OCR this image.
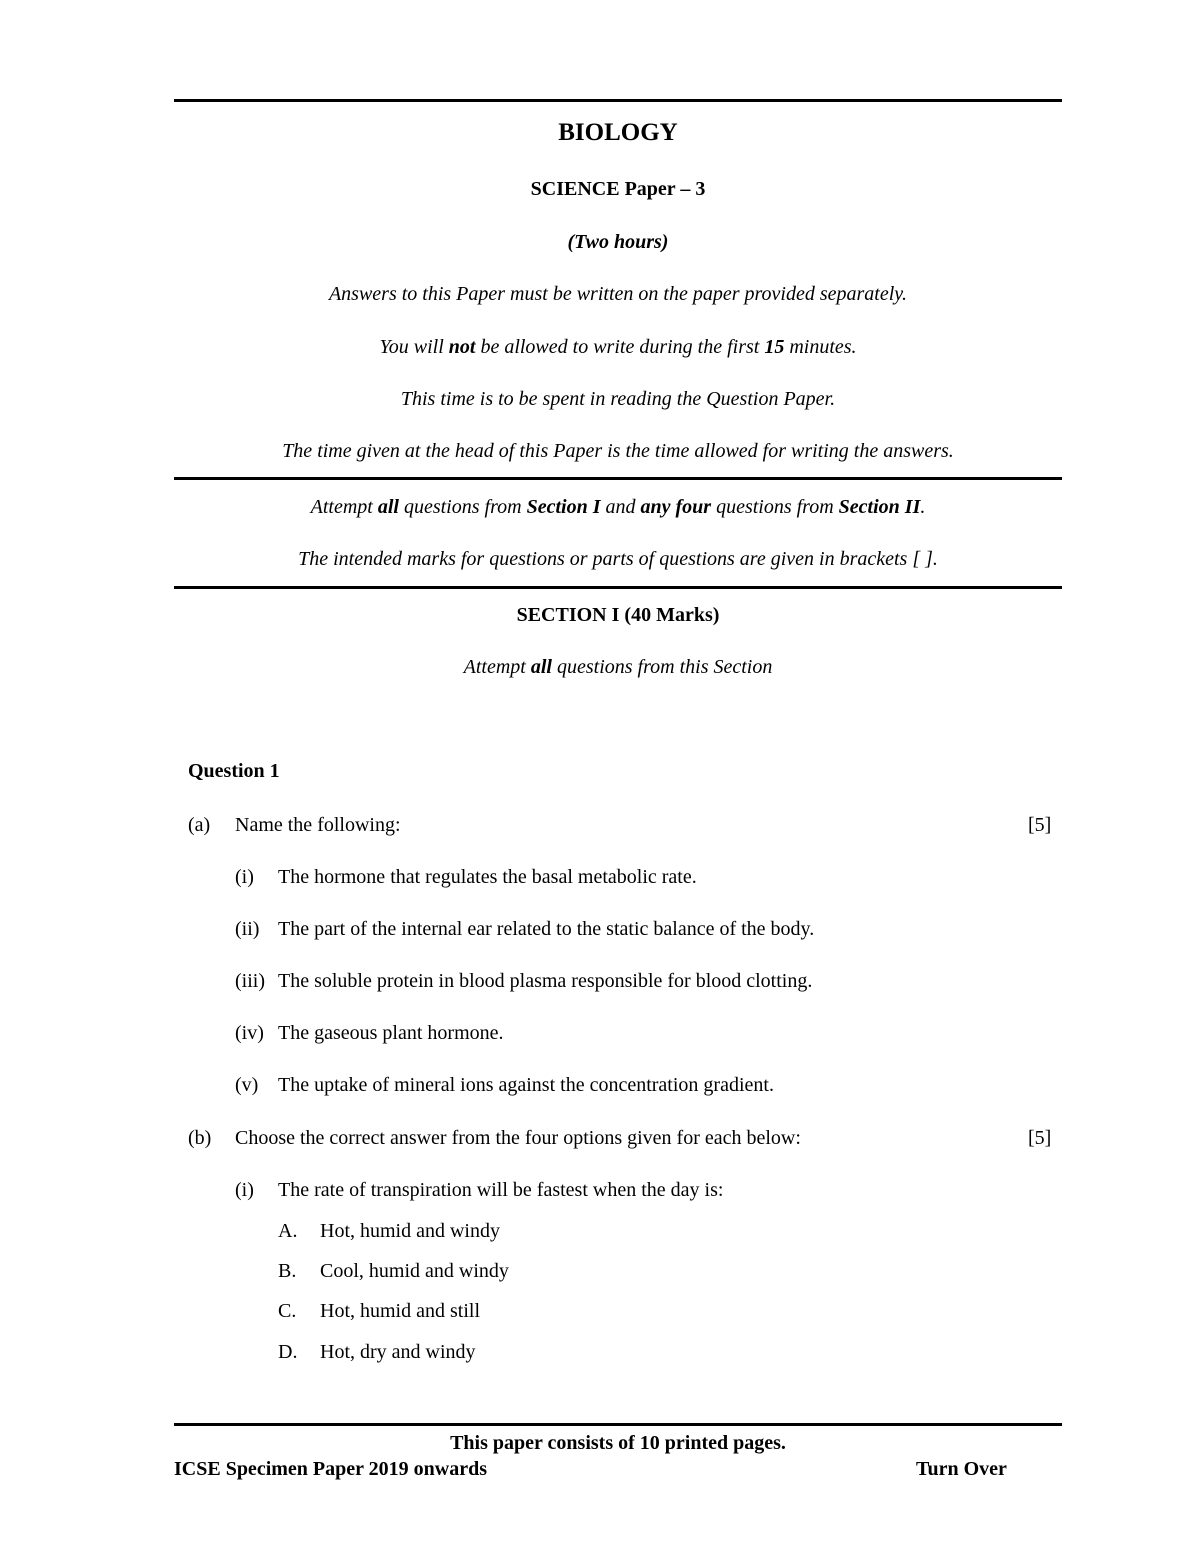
BIOLOGY
SCIENCE Paper – 3
(Two hours)
Answers to this Paper must be written on the paper provided separately.
You will not be allowed to write during the first 15 minutes.
This time is to be spent in reading the Question Paper.
The time given at the head of this Paper is the time allowed for writing the answers.
Attempt all questions from Section I and any four questions from Section II.
The intended marks for questions or parts of questions are given in brackets [ ].
SECTION I (40 Marks)
Attempt all questions from this Section
Question 1
(a) Name the following:	[5]
(i) The hormone that regulates the basal metabolic rate.
(ii) The part of the internal ear related to the static balance of the body.
(iii) The soluble protein in blood plasma responsible for blood clotting.
(iv) The gaseous plant hormone.
(v) The uptake of mineral ions against the concentration gradient.
(b) Choose the correct answer from the four options given for each below:	[5]
(i) The rate of transpiration will be fastest when the day is:
A. Hot, humid and windy
B. Cool, humid and windy
C. Hot, humid and still
D. Hot, dry and windy
This paper consists of 10 printed pages.
ICSE Specimen Paper 2019 onwards	Turn Over
